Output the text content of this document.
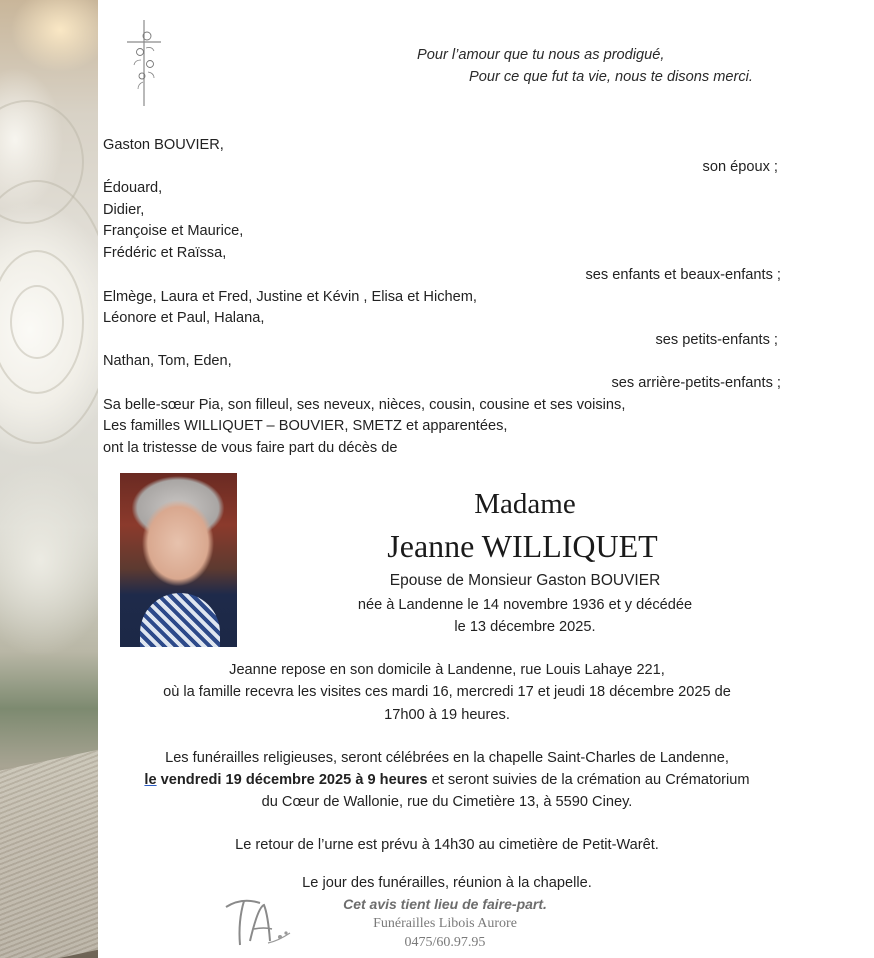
Pour l’amour que tu nous as prodigué,
Pour ce que fut ta vie, nous te disons merci.
Gaston BOUVIER,
son époux ;
Édouard,
Didier,
Françoise et Maurice,
Frédéric et Raïssa,
ses enfants et beaux-enfants ;
Elmège, Laura et Fred, Justine et Kévin , Elisa et Hichem,
Léonore et Paul, Halana,
ses petits-enfants ;
Nathan, Tom, Eden,
ses arrière-petits-enfants ;
Sa belle-sœur Pia, son filleul, ses neveux, nièces, cousin, cousine et ses voisins,
Les familles WILLIQUET – BOUVIER, SMETZ et apparentées,
ont la tristesse de vous faire part du décès de
Madame
Jeanne WILLIQUET
Epouse de Monsieur Gaston BOUVIER
née à Landenne le 14 novembre 1936 et y décédée
le 13 décembre 2025.
Jeanne repose en son domicile à Landenne, rue Louis Lahaye 221,
où la famille recevra les visites ces mardi 16, mercredi 17 et jeudi 18 décembre 2025 de
17h00 à 19 heures.
Les funérailles religieuses, seront célébrées en la chapelle Saint-Charles de Landenne,
le vendredi 19 décembre 2025 à 9 heures et seront suivies de la crémation au Crématorium
du Cœur de Wallonie, rue du Cimetière 13, à 5590 Ciney.
Le retour de l’urne est prévu à 14h30 au cimetière de Petit-Warêt.
Le jour des funérailles, réunion à la chapelle.
Cet avis tient lieu de faire-part.
Funérailles Libois Aurore
0475/60.97.95
